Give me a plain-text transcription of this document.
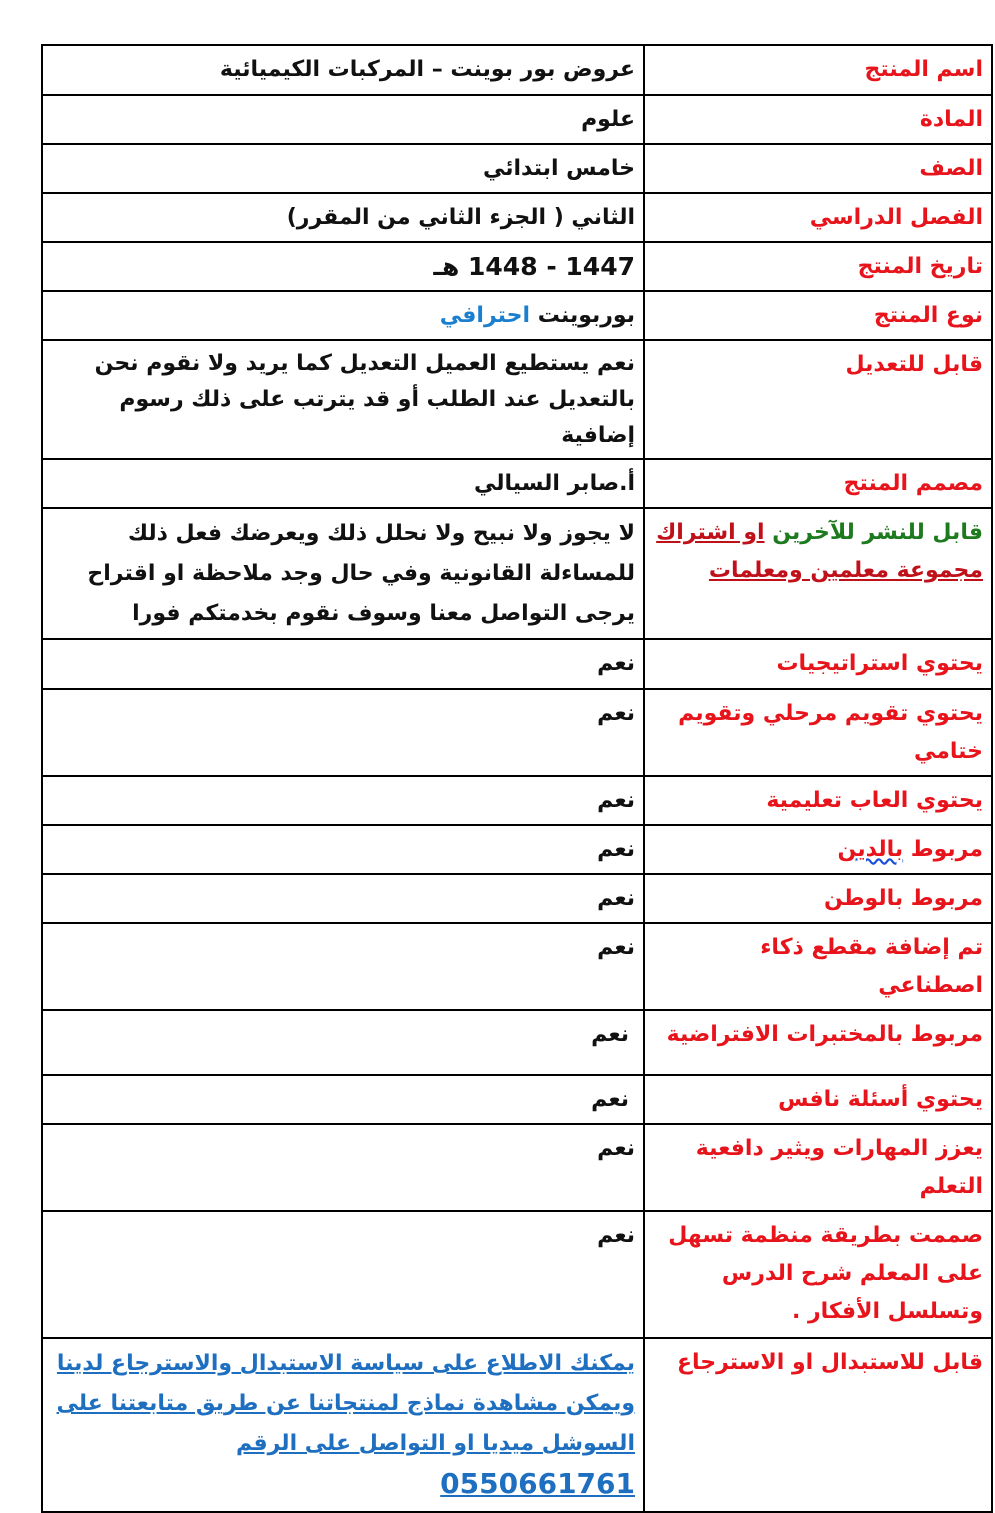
اسم المنتج	عروض بور بوينت – المركبات الكيميائية
المادة	علوم
الصف	خامس ابتدائي
الفصل الدراسي	الثاني ( الجزء الثاني من المقرر)
تاريخ المنتج	1447 - 1448 هـ
نوع المنتج	بوربوينت احترافي
قابل للتعديل	نعم يستطيع العميل التعديل كما يريد ولا نقوم نحن بالتعديل عند الطلب أو قد يترتب على ذلك رسوم إضافية
مصمم المنتج	أ.صابر السيالي
قابل للنشر للآخرين او اشتراك مجموعة معلمين ومعلمات	لا يجوز ولا نبيح ولا نحلل ذلك ويعرضك فعل ذلك للمساءلة القانونية وفي حال وجد ملاحظة او اقتراح يرجى التواصل معنا وسوف نقوم بخدمتكم فورا
يحتوي استراتيجيات	نعم
يحتوي تقويم مرحلي وتقويم ختامي	نعم
يحتوي العاب تعليمية	نعم
مربوط بالدين	نعم
مربوط بالوطن	نعم
تم إضافة مقطع ذكاء اصطناعي	نعم
مربوط بالمختبرات الافتراضية	نعم
يحتوي أسئلة نافس	نعم
يعزز المهارات ويثير دافعية التعلم	نعم
صممت بطريقة منظمة تسهل على المعلم شرح الدرس وتسلسل الأفكار .	نعم
قابل للاستبدال او الاسترجاع	يمكنك الاطلاع على سياسة الاستبدال والاسترجاع لدينا ويمكن مشاهدة نماذج لمنتجاتنا عن طريق متابعتنا على السوشل ميديا او التواصل على الرقم 0550661761
